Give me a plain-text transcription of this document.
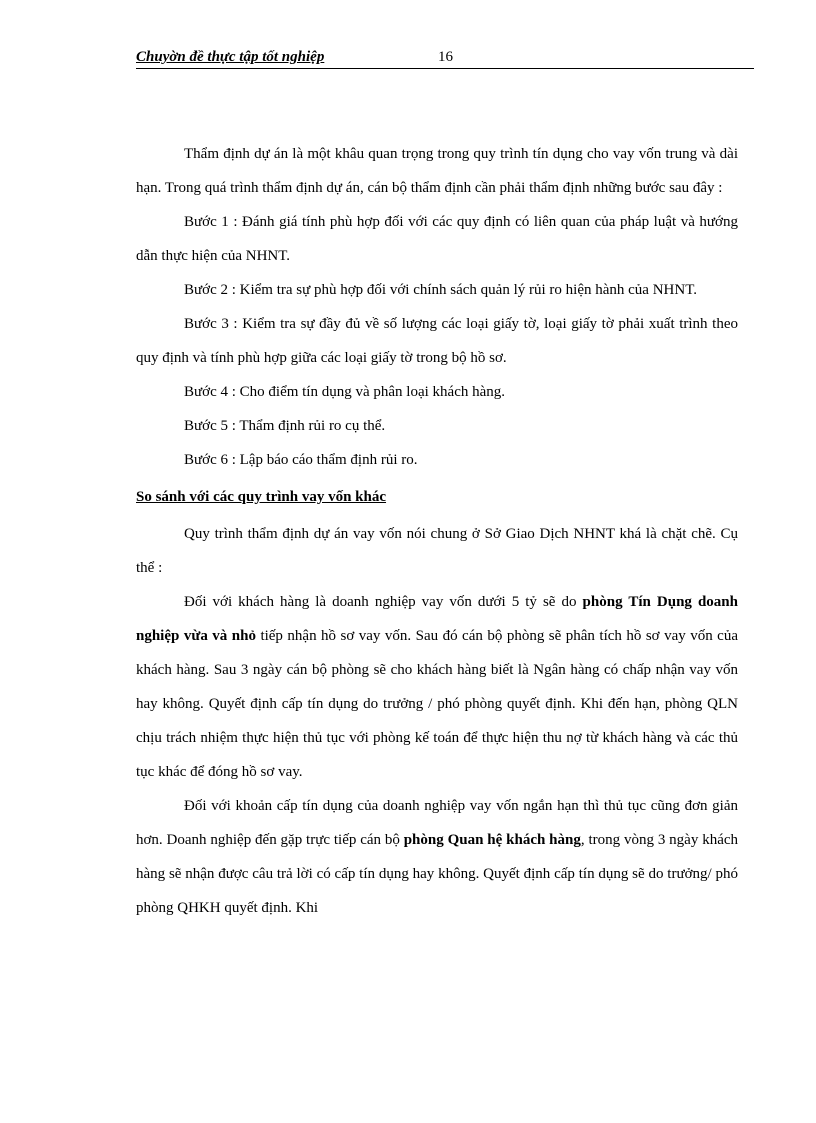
Chuyờn đề thực tập tốt nghiệp	16

Thẩm định dự án là một khâu quan trọng trong quy trình tín dụng cho vay vốn trung và dài hạn. Trong quá trình thẩm định dự án, cán bộ thẩm định cần phải thẩm định những bước sau đây :

Bước 1 : Đánh giá tính phù hợp đối với các quy định có liên quan của pháp luật và hướng dẫn thực hiện của NHNT.

Bước 2 : Kiểm tra sự phù hợp đối với chính sách quản lý rủi ro hiện hành của NHNT.

Bước 3 : Kiểm tra sự đầy đủ về số lượng các loại giấy tờ, loại giấy tờ phải xuất trình theo quy định và tính phù hợp giữa các loại giấy tờ trong bộ hồ sơ.

Bước 4 : Cho điểm tín dụng và phân loại khách hàng.

Bước 5 : Thẩm định rủi ro cụ thể.

Bước 6 : Lập báo cáo thẩm định rủi ro.

So sánh với các quy trình vay vốn khác

Quy trình thẩm định dự án vay vốn nói chung ở Sở Giao Dịch NHNT khá là chặt chẽ. Cụ thể :

Đối với khách hàng là doanh nghiệp vay vốn dưới 5 tỷ sẽ do phòng Tín Dụng doanh nghiệp vừa và nhỏ tiếp nhận hồ sơ vay vốn. Sau đó cán bộ phòng sẽ phân tích hồ sơ vay vốn của khách hàng. Sau 3 ngày cán bộ phòng sẽ cho khách hàng biết là Ngân hàng có chấp nhận vay vốn hay không. Quyết định cấp tín dụng do trưởng / phó phòng quyết định. Khi đến hạn, phòng QLN chịu trách nhiệm thực hiện thủ tục với phòng kế toán để thực hiện thu nợ từ khách hàng và các thủ tục khác để đóng hồ sơ vay.

Đối với khoản cấp tín dụng của doanh nghiệp vay vốn ngắn hạn thì thủ tục cũng đơn giản hơn. Doanh nghiệp đến gặp trực tiếp cán bộ phòng Quan hệ khách hàng, trong vòng 3 ngày khách hàng sẽ nhận được câu trả lời có cấp tín dụng hay không. Quyết định cấp tín dụng sẽ do trưởng/ phó phòng QHKH quyết định. Khi
